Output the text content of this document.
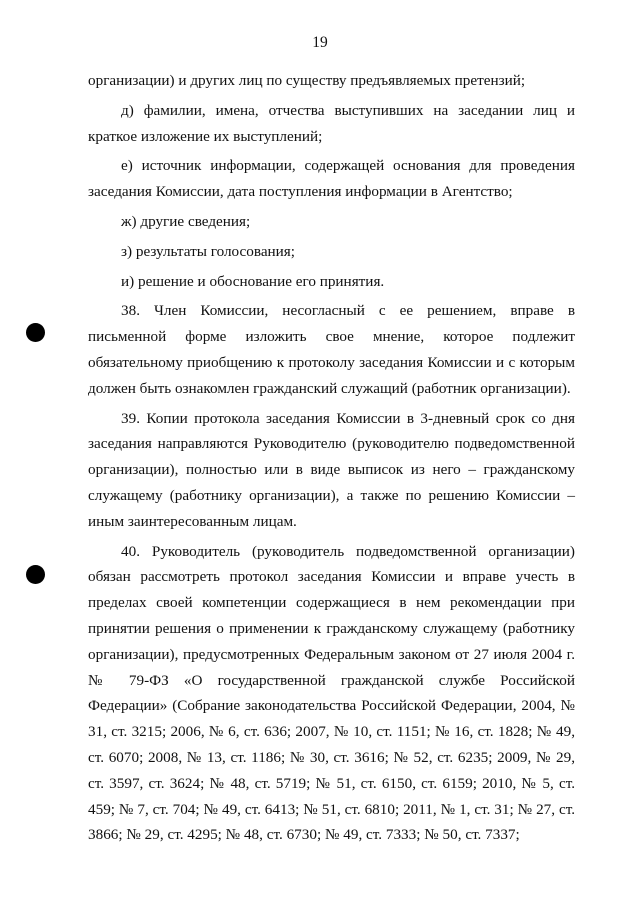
19

организации) и других лиц по существу предъявляемых претензий;

д) фамилии, имена, отчества выступивших на заседании лиц и краткое изложение их выступлений;

е) источник информации, содержащей основания для проведения заседания Комиссии, дата поступления информации в Агентство;

ж) другие сведения;

з) результаты голосования;

и) решение и обоснование его принятия.

38. Член Комиссии, несогласный с ее решением, вправе в письменной форме изложить свое мнение, которое подлежит обязательному приобщению к протоколу заседания Комиссии и с которым должен быть ознакомлен гражданский служащий (работник организации).

39. Копии протокола заседания Комиссии в 3-дневный срок со дня заседания направляются Руководителю (руководителю подведомственной организации), полностью или в виде выписок из него – гражданскому служащему (работнику организации), а также по решению Комиссии – иным заинтересованным лицам.

40. Руководитель (руководитель подведомственной организации) обязан рассмотреть протокол заседания Комиссии и вправе учесть в пределах своей компетенции содержащиеся в нем рекомендации при принятии решения о применении к гражданскому служащему (работнику организации), предусмотренных Федеральным законом от 27 июля 2004 г. № 79-ФЗ «О государственной гражданской службе Российской Федерации» (Собрание законодательства Российской Федерации, 2004, № 31, ст. 3215; 2006, № 6, ст. 636; 2007, № 10, ст. 1151; № 16, ст. 1828; № 49, ст. 6070; 2008, № 13, ст. 1186; № 30, ст. 3616; № 52, ст. 6235; 2009, № 29, ст. 3597, ст. 3624; № 48, ст. 5719; № 51, ст. 6150, ст. 6159; 2010, № 5, ст. 459; № 7, ст. 704; № 49, ст. 6413; № 51, ст. 6810; 2011, № 1, ст. 31; № 27, ст. 3866; № 29, ст. 4295; № 48, ст. 6730; № 49, ст. 7333; № 50, ст. 7337;
